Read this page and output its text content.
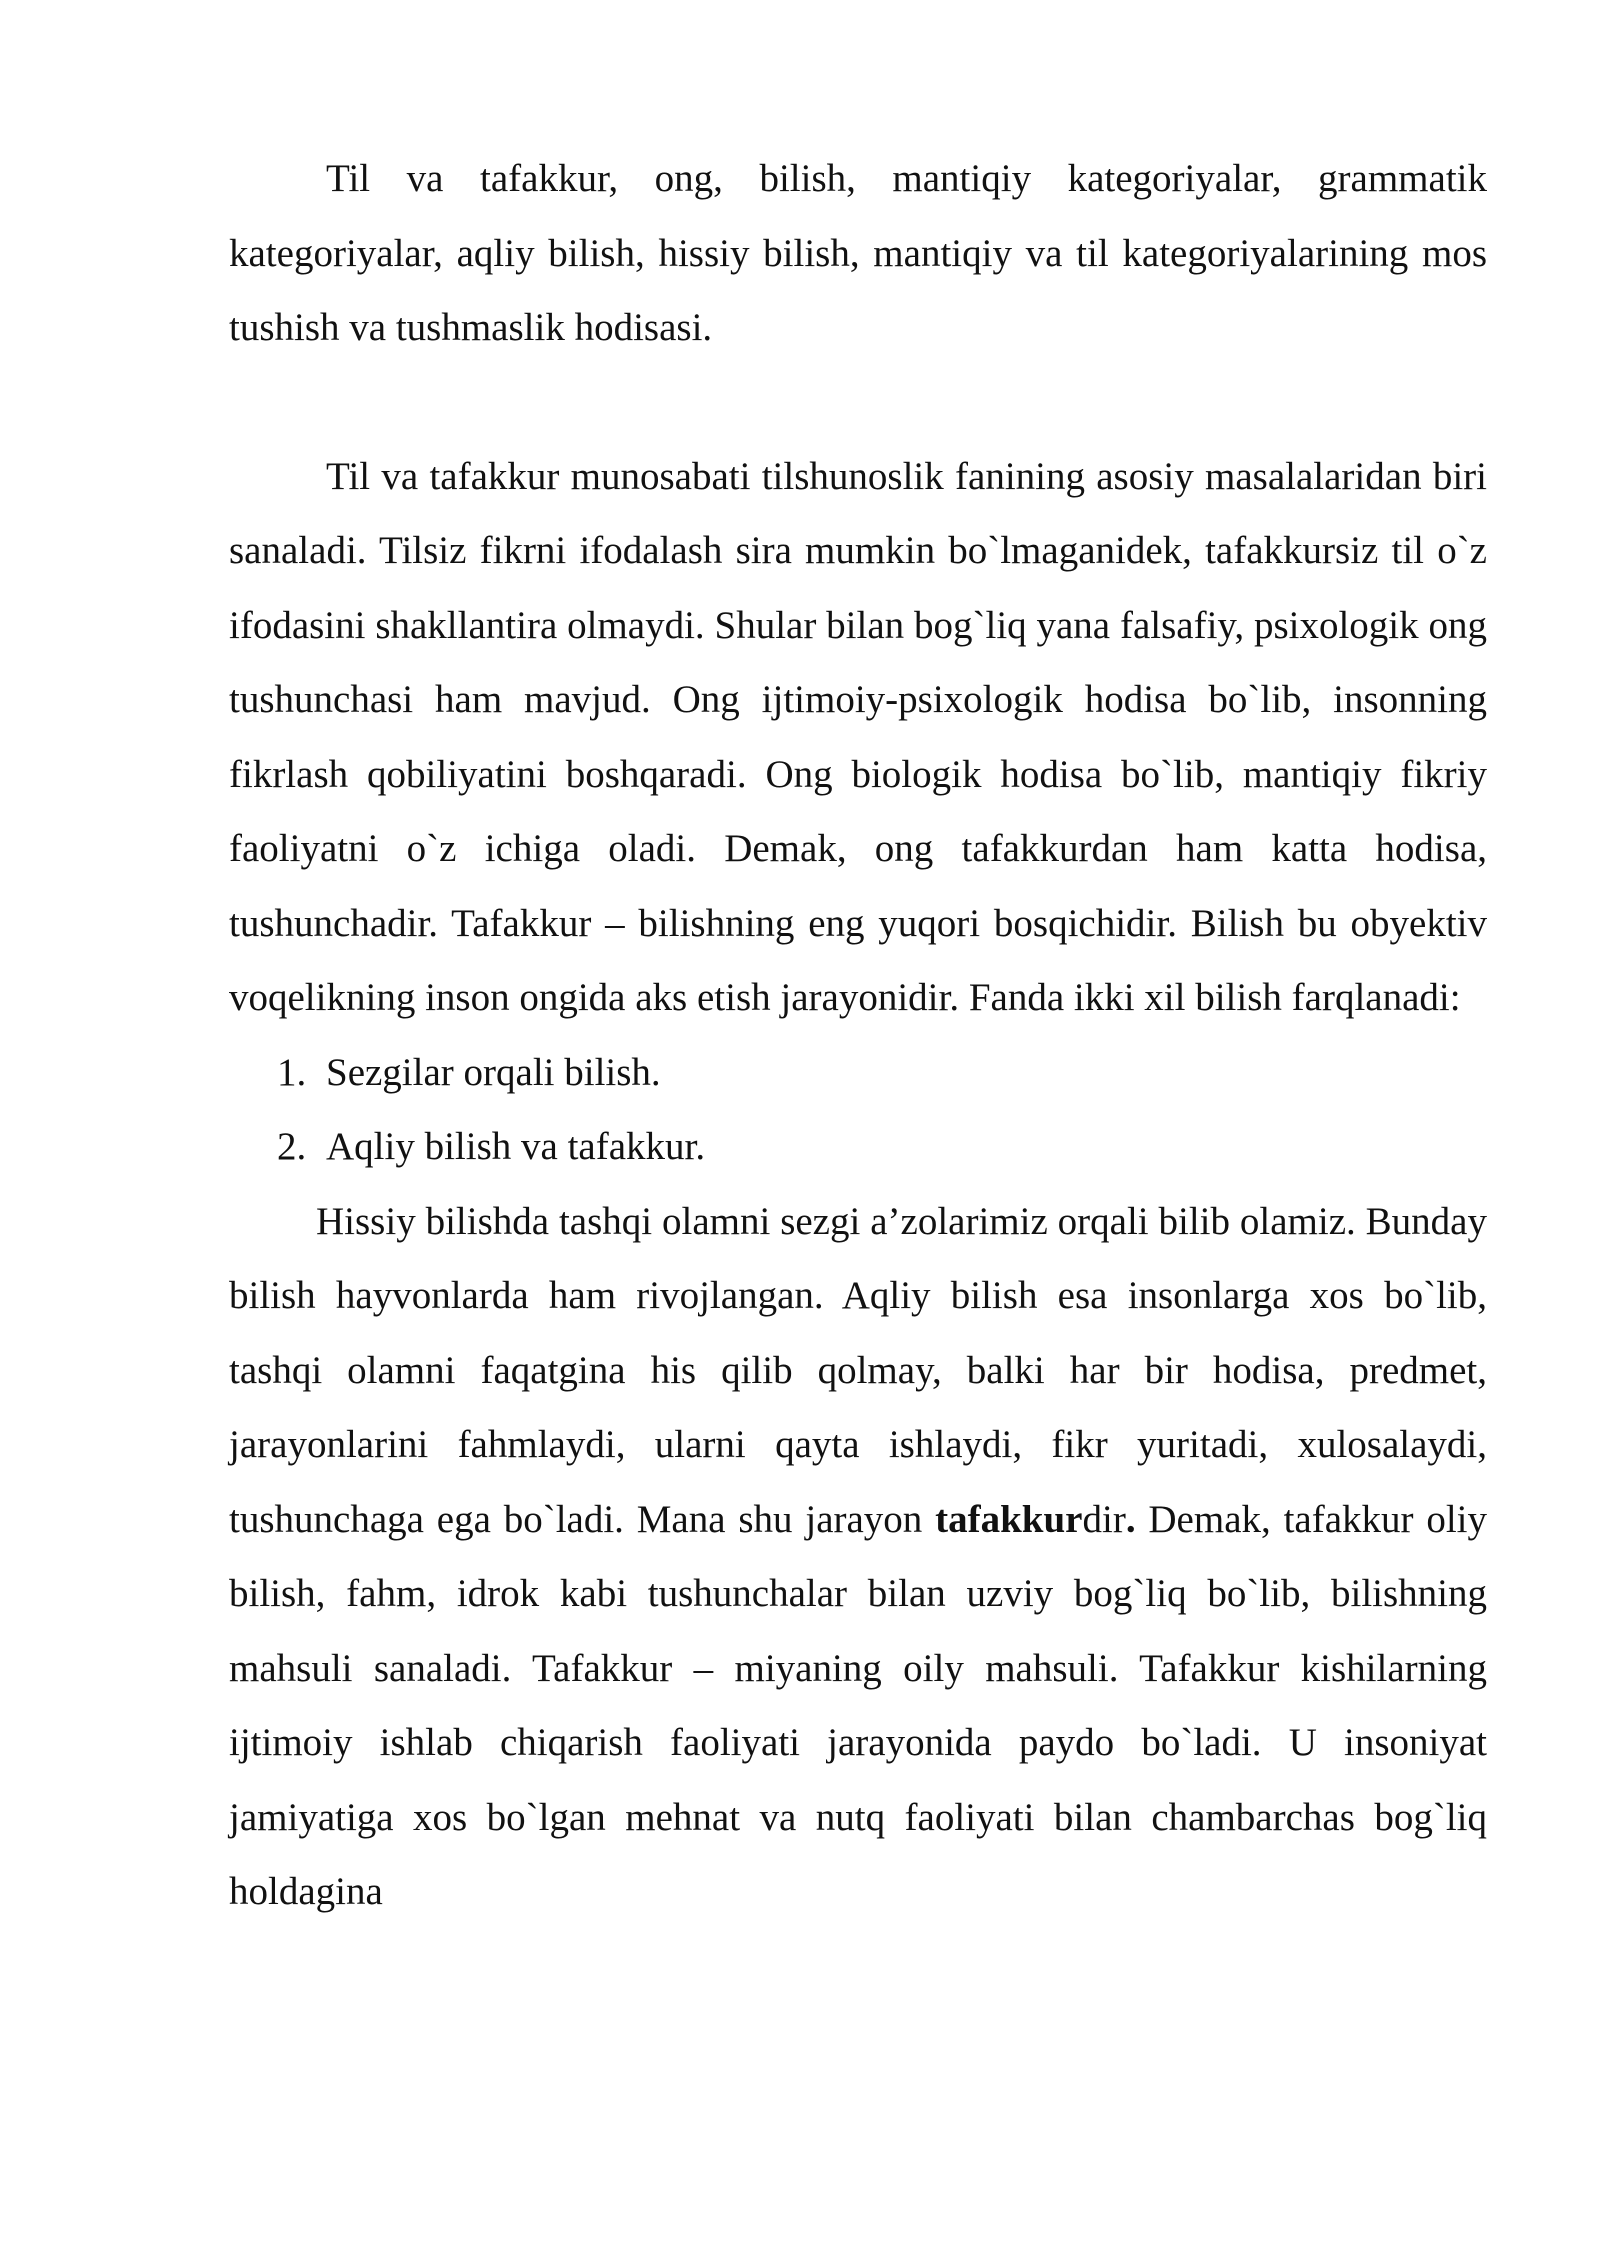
Til va tafakkur, ong, bilish, mantiqiy kategoriyalar, grammatik kategoriyalar, aqliy bilish, hissiy bilish, mantiqiy va til kategoriyalarining mos tushish va tushmaslik hodisasi.

Til va tafakkur munosabati tilshunoslik fanining asosiy masalalaridan biri sanaladi. Tilsiz fikrni ifodalash sira mumkin bo`lmaganidek, tafakkursiz til o`z ifodasini shakllantira olmaydi. Shular bilan bog`liq yana falsafiy, psixologik ong tushunchasi ham mavjud. Ong ijtimoiy-psixologik hodisa bo`lib, insonning fikrlash qobiliyatini boshqaradi. Ong biologik hodisa bo`lib, mantiqiy fikriy faoliyatni o`z ichiga oladi. Demak, ong tafakkurdan ham katta hodisa, tushunchadir. Tafakkur – bilishning eng yuqori bosqichidir. Bilish bu obyektiv voqelikning inson ongida aks etish jarayonidir. Fanda ikki xil bilish farqlanadi:

1. Sezgilar orqali bilish.
2. Aqliy bilish va tafakkur.

Hissiy bilishda tashqi olamni sezgi a’zolarimiz orqali bilib olamiz. Bunday bilish hayvonlarda ham rivojlangan. Aqliy bilish esa insonlarga xos bo`lib, tashqi olamni faqatgina his qilib qolmay, balki har bir hodisa, predmet, jarayonlarini fahmlaydi, ularni qayta ishlaydi, fikr yuritadi, xulosalaydi, tushunchaga ega bo`ladi. Mana shu jarayon tafakkurdir. Demak, tafakkur oliy bilish, fahm, idrok kabi tushunchalar bilan uzviy bog`liq bo`lib, bilishning mahsuli sanaladi. Tafakkur – miyaning oily mahsuli. Tafakkur kishilarning ijtimoiy ishlab chiqarish faoliyati jarayonida paydo bo`ladi. U insoniyat jamiyatiga xos bo`lgan mehnat va nutq faoliyati bilan chambarchas bog`liq holdagina
